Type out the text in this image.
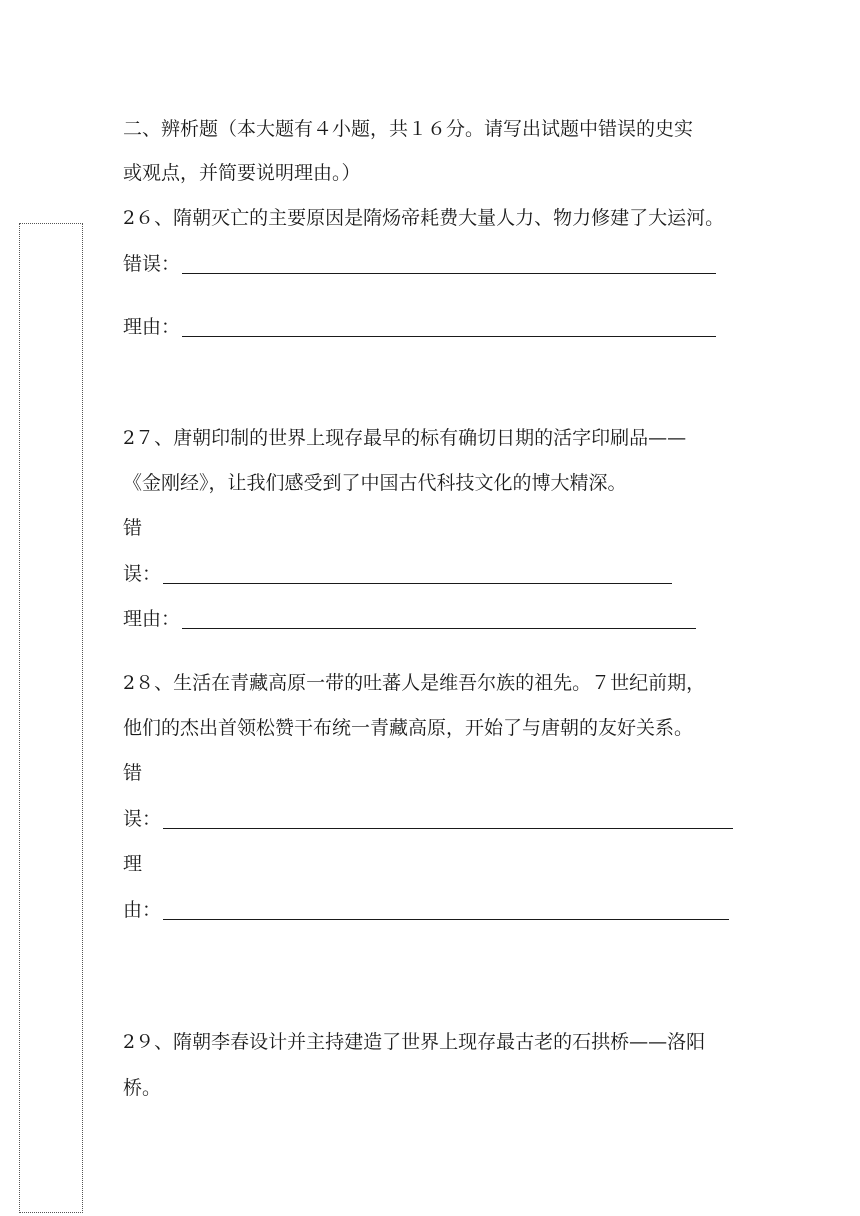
二、辨析题（本大题有４小题，共１６分。请写出试题中错误的史实
或观点，并简要说明理由。）
2６、隋朝灭亡的主要原因是隋炀帝耗费大量人力、物力修建了大运河。
错误：
理由：
2７、唐朝印制的世界上现存最早的标有确切日期的活字印刷品——
《金刚经》，让我们感受到了中国古代科技文化的博大精深。
错
误：
理由：
2８、生活在青藏高原一带的吐蕃人是维吾尔族的祖先。７世纪前期，
他们的杰出首领松赞干布统一青藏高原，开始了与唐朝的友好关系。
错
误：
理
由：
2９、隋朝李春设计并主持建造了世界上现存最古老的石拱桥——洛阳
桥。
